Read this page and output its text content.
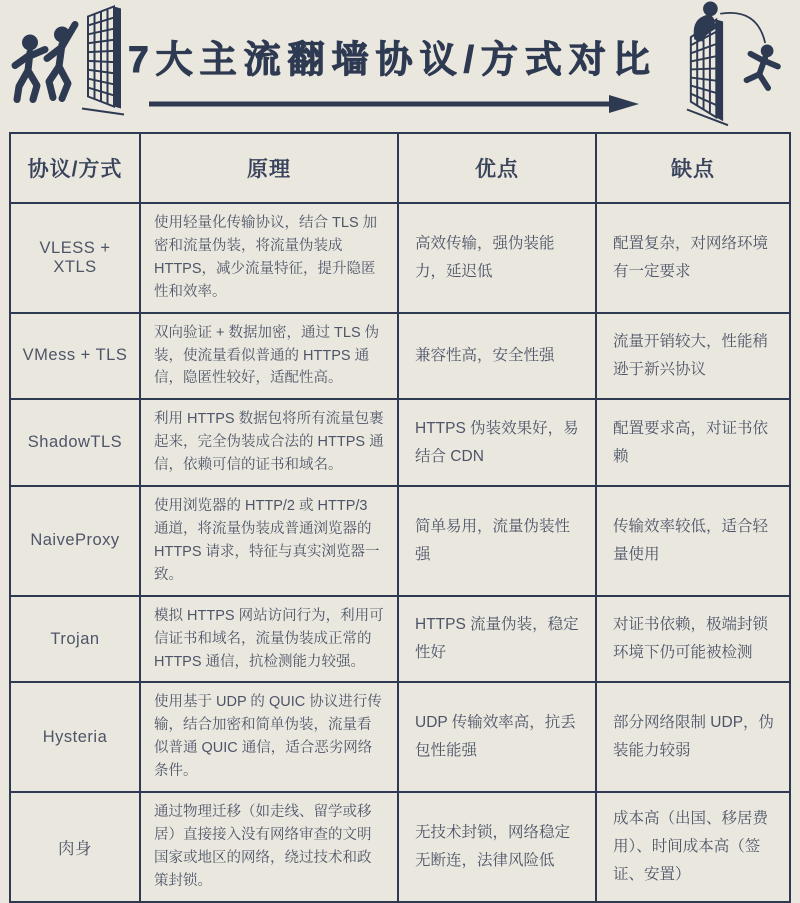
7大主流翻墙协议/方式对比
协议/方式	原理	优点	缺点
VLESS + XTLS	使用轻量化传输协议，结合 TLS 加密和流量伪装，将流量伪装成 HTTPS，减少流量特征，提升隐匿性和效率。	高效传输，强伪装能力，延迟低	配置复杂，对网络环境有一定要求
VMess + TLS	双向验证 + 数据加密，通过 TLS 伪装，使流量看似普通的 HTTPS 通信，隐匿性较好，适配性高。	兼容性高，安全性强	流量开销较大，性能稍逊于新兴协议
ShadowTLS	利用 HTTPS 数据包将所有流量包裹起来，完全伪装成合法的 HTTPS 通信，依赖可信的证书和域名。	HTTPS 伪装效果好，易结合 CDN	配置要求高，对证书依赖
NaiveProxy	使用浏览器的 HTTP/2 或 HTTP/3 通道，将流量伪装成普通浏览器的 HTTPS 请求，特征与真实浏览器一致。	简单易用，流量伪装性强	传输效率较低，适合轻量使用
Trojan	模拟 HTTPS 网站访问行为，利用可信证书和域名，流量伪装成正常的 HTTPS 通信，抗检测能力较强。	HTTPS 流量伪装，稳定性好	对证书依赖，极端封锁环境下仍可能被检测
Hysteria	使用基于 UDP 的 QUIC 协议进行传输，结合加密和简单伪装，流量看似普通 QUIC 通信，适合恶劣网络条件。	UDP 传输效率高，抗丢包性能强	部分网络限制 UDP，伪装能力较弱
肉身	通过物理迁移（如走线、留学或移居）直接接入没有网络审查的文明国家或地区的网络，绕过技术和政策封锁。	无技术封锁，网络稳定无断连，法律风险低	成本高（出国、移居费用）、时间成本高（签证、安置）
